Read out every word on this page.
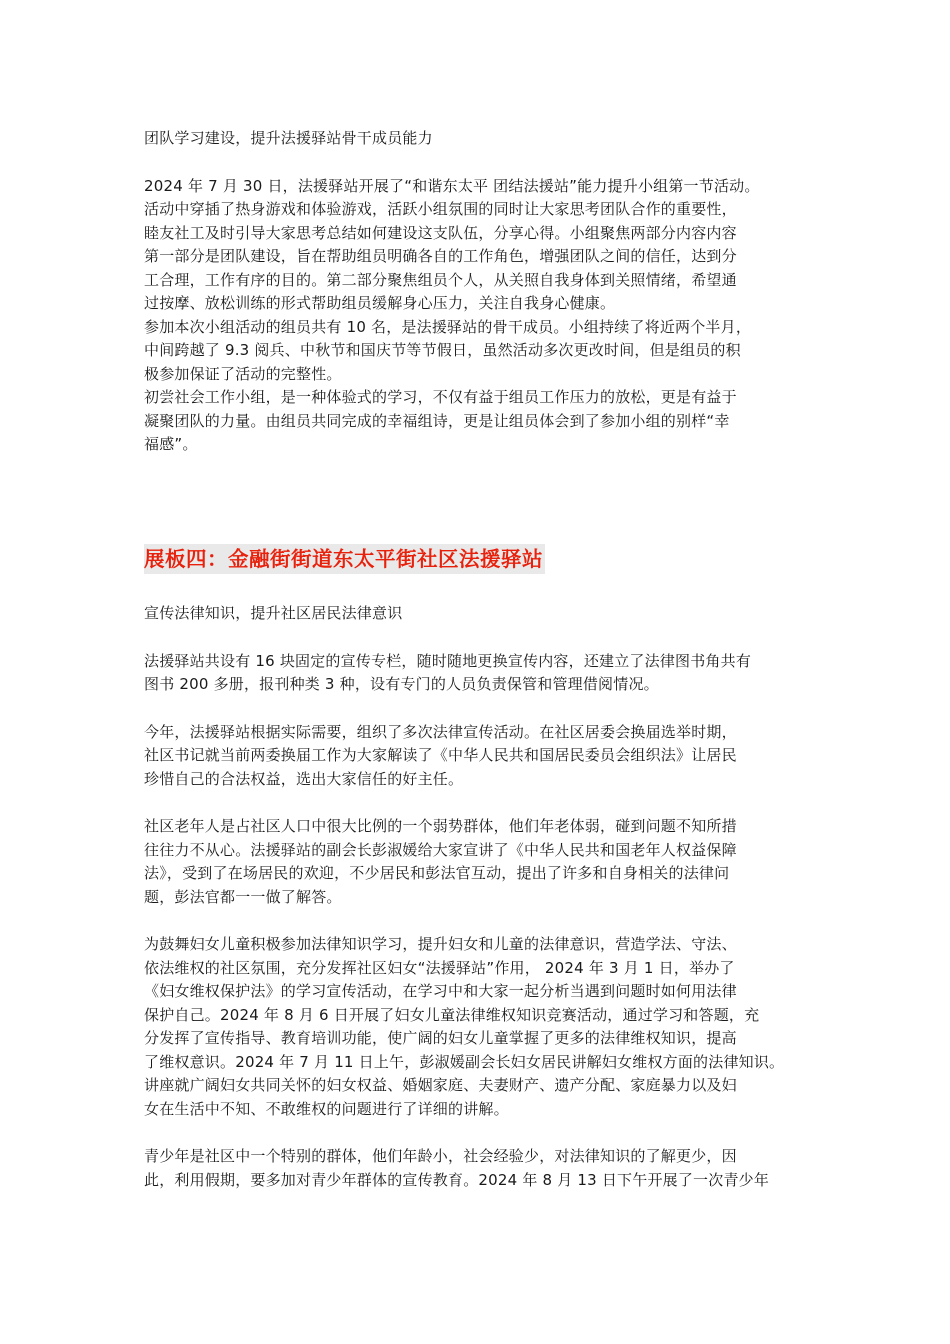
团队学习建设，提升法援驿站骨干成员能力

2024 年 7 月 30 日，法援驿站开展了“和谐东太平 团结法援站”能力提升小组第一节活动。
活动中穿插了热身游戏和体验游戏，活跃小组氛围的同时让大家思考团队合作的重要性，
睦友社工及时引导大家思考总结如何建设这支队伍，分享心得。小组聚焦两部分内容内容
第一部分是团队建设，旨在帮助组员明确各自的工作角色，增强团队之间的信任，达到分
工合理，工作有序的目的。第二部分聚焦组员个人，从关照自我身体到关照情绪，希望通
过按摩、放松训练的形式帮助组员缓解身心压力，关注自我身心健康。

参加本次小组活动的组员共有 10 名，是法援驿站的骨干成员。小组持续了将近两个半月，
中间跨越了 9.3 阅兵、中秋节和国庆节等节假日，虽然活动多次更改时间，但是组员的积
极参加保证了活动的完整性。

初尝社会工作小组，是一种体验式的学习，不仅有益于组员工作压力的放松，更是有益于
凝聚团队的力量。由组员共同完成的幸福组诗，更是让组员体会到了参加小组的别样“幸
福感”。

展板四：金融街街道东太平街社区法援驿站

宣传法律知识，提升社区居民法律意识

法援驿站共设有 16 块固定的宣传专栏，随时随地更换宣传内容，还建立了法律图书角共有
图书 200 多册，报刊种类 3 种，设有专门的人员负责保管和管理借阅情况。

今年，法援驿站根据实际需要，组织了多次法律宣传活动。在社区居委会换届选举时期，
社区书记就当前两委换届工作为大家解读了《中华人民共和国居民委员会组织法》让居民
珍惜自己的合法权益，选出大家信任的好主任。

社区老年人是占社区人口中很大比例的一个弱势群体，他们年老体弱，碰到问题不知所措
往往力不从心。法援驿站的副会长彭淑媛给大家宣讲了《中华人民共和国老年人权益保障
法》，受到了在场居民的欢迎，不少居民和彭法官互动，提出了许多和自身相关的法律问
题，彭法官都一一做了解答。

为鼓舞妇女儿童积极参加法律知识学习，提升妇女和儿童的法律意识，营造学法、守法、
依法维权的社区氛围，充分发挥社区妇女“法援驿站”作用， 2024 年 3 月 1 日，举办了
《妇女维权保护法》的学习宣传活动，在学习中和大家一起分析当遇到问题时如何用法律
保护自己。2024 年 8 月 6 日开展了妇女儿童法律维权知识竞赛活动，通过学习和答题，充
分发挥了宣传指导、教育培训功能，使广阔的妇女儿童掌握了更多的法律维权知识，提高
了维权意识。2024 年 7 月 11 日上午，彭淑媛副会长妇女居民讲解妇女维权方面的法律知识。
讲座就广阔妇女共同关怀的妇女权益、婚姻家庭、夫妻财产、遗产分配、家庭暴力以及妇
女在生活中不知、不敢维权的问题进行了详细的讲解。

青少年是社区中一个特别的群体，他们年龄小，社会经验少，对法律知识的了解更少，因
此，利用假期，要多加对青少年群体的宣传教育。2024 年 8 月 13 日下午开展了一次青少年
